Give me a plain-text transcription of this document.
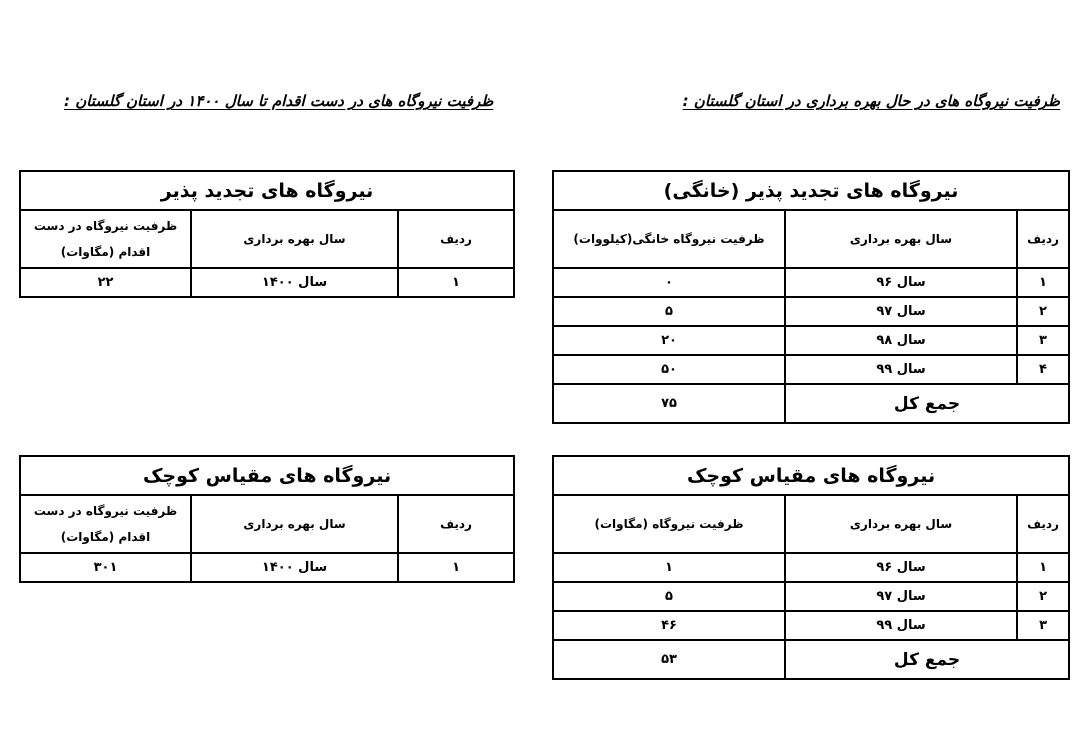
ظرفیت نیروگاه های در حال بهره برداری در استان گلستان :
ظرفیت نیروگاه های در دست اقدام تا سال ۱۴۰۰ در استان گلستان :
نیروگاه های تجدید پذیر (خانگی)		
ردیف	سال بهره برداری	ظرفیت نیروگاه خانگی(کیلووات)
۱	سال ۹۶	۰
۲	سال ۹۷	۵
۳	سال ۹۸	۲۰
۴	سال ۹۹	۵۰
جمع کل		۷۵
نیروگاه های تجدید پذیر		
ردیف	سال بهره برداری	ظرفیت نیروگاه در دست اقدام (مگاوات)
۱	سال ۱۴۰۰	۲۲
نیروگاه های مقیاس کوچک		
ردیف	سال بهره برداری	ظرفیت نیروگاه (مگاوات)
۱	سال ۹۶	۱
۲	سال ۹۷	۵
۳	سال ۹۹	۴۶
جمع کل		۵۳
نیروگاه های مقیاس کوچک		
ردیف	سال بهره برداری	ظرفیت نیروگاه در دست اقدام (مگاوات)
۱	سال ۱۴۰۰	۳۰۱
